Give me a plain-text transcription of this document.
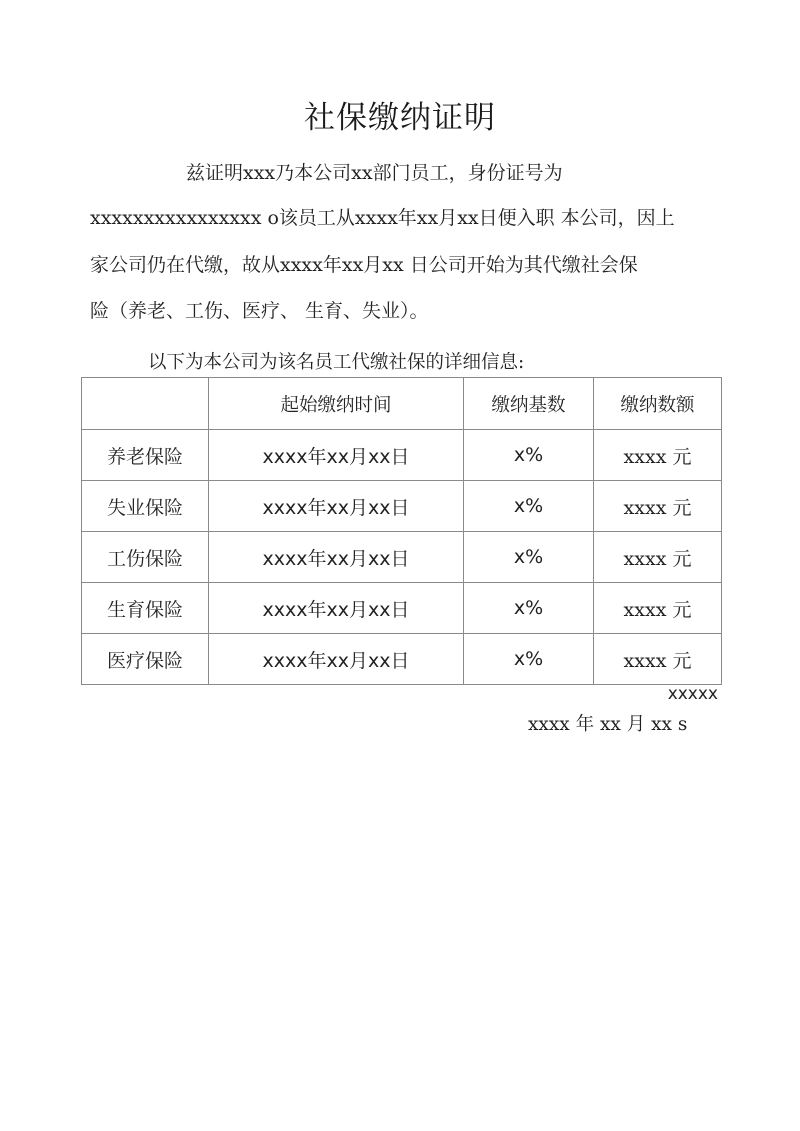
社保缴纳证明
兹证明xxx乃本公司xx部门员工，身份证号为
xxxxxxxxxxxxxxxx o该员工从xxxx年xx月xx日便入职 本公司，因上
家公司仍在代缴，故从xxxx年xx月xx 日公司开始为其代缴社会保
险（养老、工伤、医疗、 生育、失业）。
以下为本公司为该名员工代缴社保的详细信息:
	起始缴纳时间	缴纳基数	缴纳数额
养老保险	xxxx年xx月xx日	x%	xxxx 元
失业保险	xxxx年xx月xx日	x%	xxxx 元
工伤保险	xxxx年xx月xx日	x%	xxxx 元
生育保险	xxxx年xx月xx日	x%	xxxx 元
医疗保险	xxxx年xx月xx日	x%	xxxx 元
xxxxx
xxxx 年 xx 月 xx s
